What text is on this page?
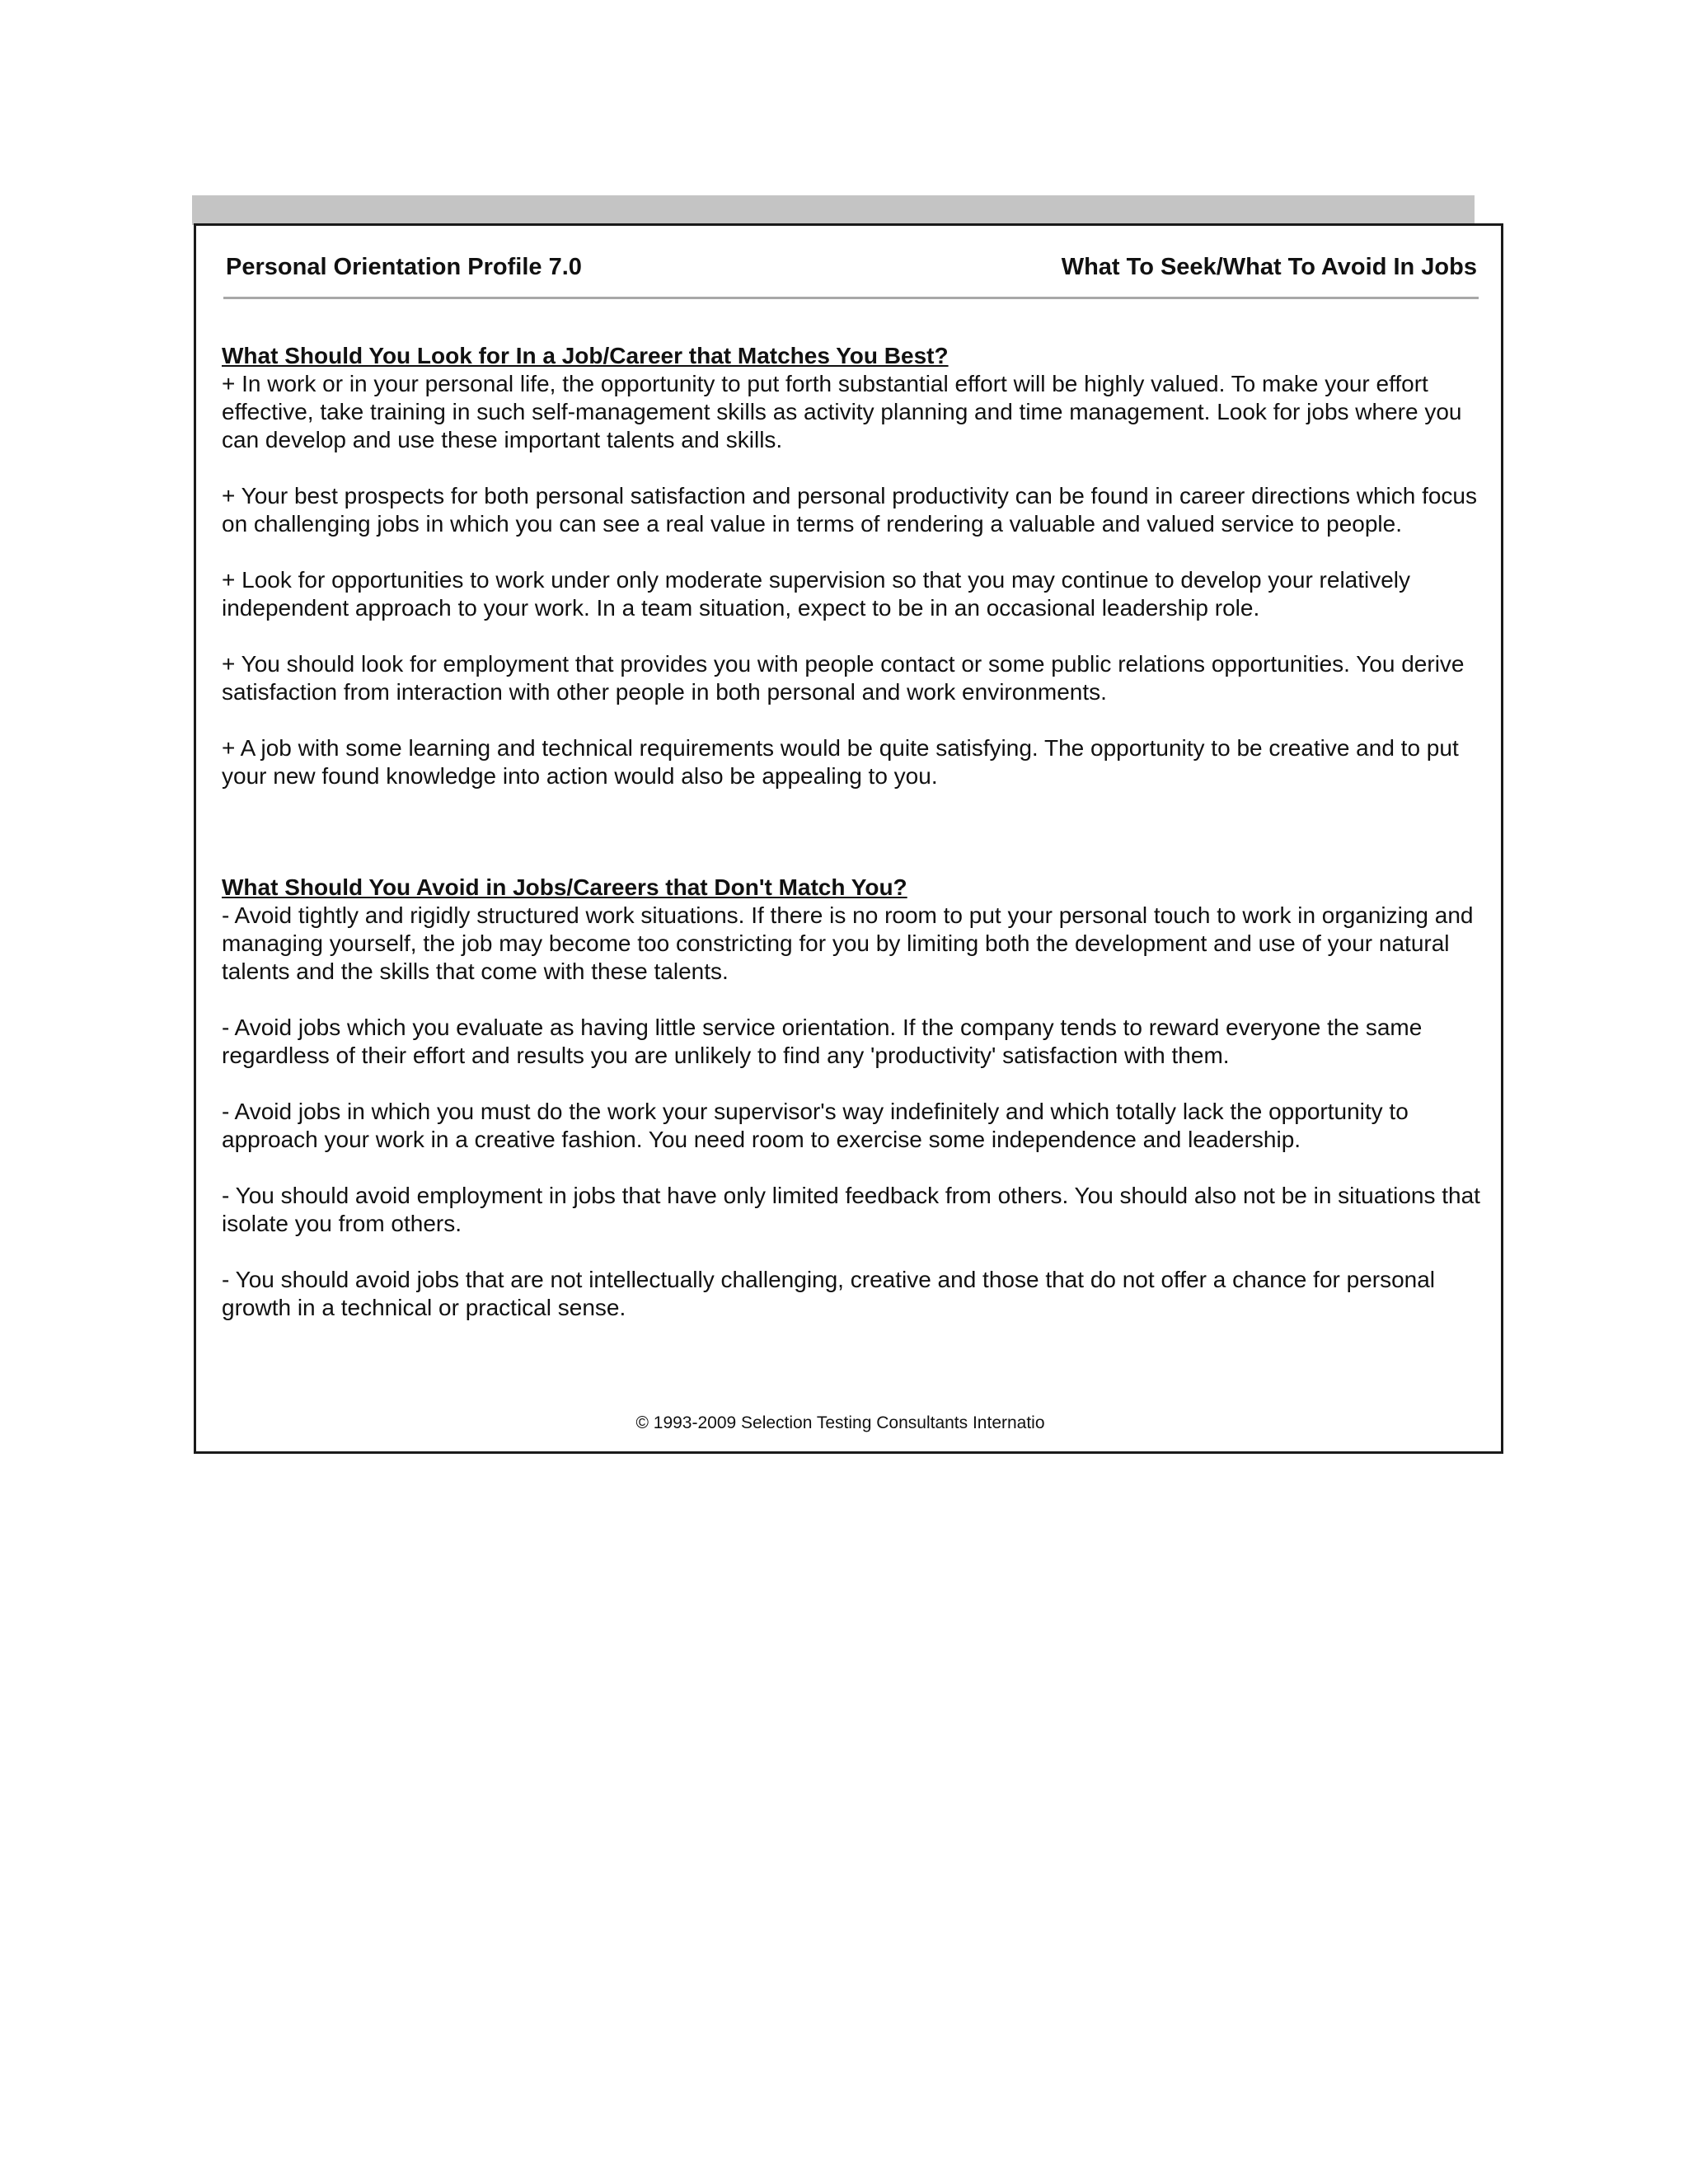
Personal Orientation Profile 7.0	What To Seek/What To Avoid In Jobs
What Should You Look for In a Job/Career that Matches You Best?

+ In work or in your personal life, the opportunity to put forth substantial effort will be highly valued. To make your effort effective, take training in such self-management skills as activity planning and time management. Look for jobs where you can develop and use these important talents and skills.

+ Your best prospects for both personal satisfaction and personal productivity can be found in career directions which focus on challenging jobs in which you can see a real value in terms of rendering a valuable and valued service to people.

+ Look for opportunities to work under only moderate supervision so that you may continue to develop your relatively independent approach to your work. In a team situation, expect to be in an occasional leadership role.

+ You should look for employment that provides you with people contact or some public relations opportunities. You derive satisfaction from interaction with other people in both personal and work environments.

+ A job with some learning and technical requirements would be quite satisfying. The opportunity to be creative and to put your new found knowledge into action would also be appealing to you.

What Should You Avoid in Jobs/Careers that Don't Match You?

- Avoid tightly and rigidly structured work situations. If there is no room to put your personal touch to work in organizing and managing yourself, the job may become too constricting for you by limiting both the development and use of your natural talents and the skills that come with these talents.

- Avoid jobs which you evaluate as having little service orientation. If the company tends to reward everyone the same regardless of their effort and results you are unlikely to find any 'productivity' satisfaction with them.

- Avoid jobs in which you must do the work your supervisor's way indefinitely and which totally lack the opportunity to approach your work in a creative fashion. You need room to exercise some independence and leadership.

- You should avoid employment in jobs that have only limited feedback from others. You should also not be in situations that isolate you from others.

- You should avoid jobs that are not intellectually challenging, creative and those that do not offer a chance for personal growth in a technical or practical sense.

© 1993-2009 Selection Testing Consultants Internatio
